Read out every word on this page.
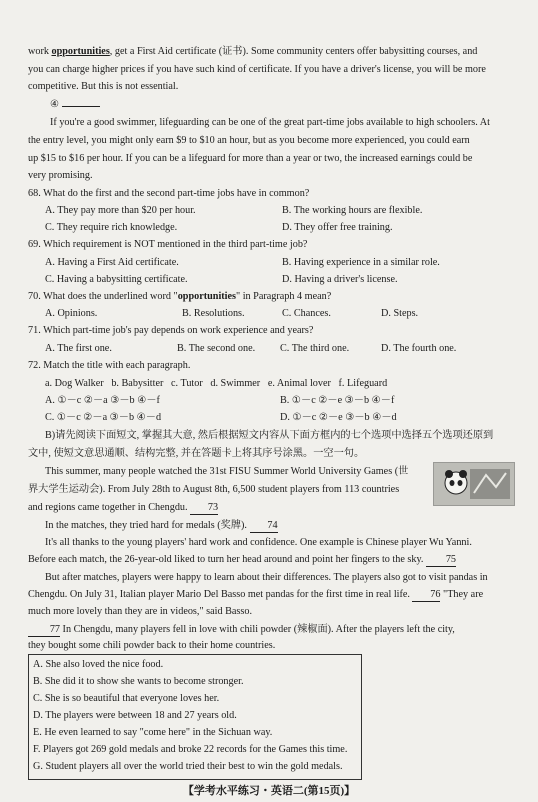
work opportunities, get a First Aid certificate (证书). Some community centers offer babysitting courses, and
you can charge higher prices if you have such kind of certificate. If you have a driver's license, you will be more
competitive. But this is not essential.
④
If you're a good swimmer, lifeguarding can be one of the great part-time jobs available to high schoolers. At
the entry level, you might only earn $9 to $10 an hour, but as you become more experienced, you could earn
up $15 to $16 per hour. If you can be a lifeguard for more than a year or two, the increased earnings could be
very promising.
68. What do the first and the second part-time jobs have in common?
A. They pay more than $20 per hour.	B. The working hours are flexible.
C. They require rich knowledge.	D. They offer free training.
69. Which requirement is NOT mentioned in the third part-time job?
A. Having a First Aid certificate.	B. Having experience in a similar role.
C. Having a babysitting certificate.	D. Having a driver's license.
70. What does the underlined word "opportunities" in Paragraph 4 mean?
A. Opinions.	B. Resolutions.	C. Chances.	D. Steps.
71. Which part-time job's pay depends on work experience and years?
A. The first one.	B. The second one. C. The third one.	D. The fourth one.
72. Match the title with each paragraph.
a. Dog Walker   b. Babysitter   c. Tutor   d. Swimmer   e. Animal lover   f. Lifeguard
A. ①－c ②－a ③－b ④－f	B. ①－c ②－e ③－b ④－f
C. ①－c ②－a ③－b ④－d	D. ①－c ②－e ③－b ④－d
B)请先阅读下面短文, 掌握其大意, 然后根据短文内容从下面方框内的七个选项中选择五个选项还原到
文中, 使短文意思通顺、结构完整, 并在答题卡上将其序号涂黑。一空一句。
This summer, many people watched the 31st FISU Summer World University Games (世
界大学生运动会). From July 28th to August 8th, 6,500 student players from 113 countries
and regions came together in Chengdu. 73
In the matches, they tried hard for medals (奖牌). 74
It's all thanks to the young players' hard work and confidence. One example is Chinese player Wu Yanni.
Before each match, the 26-year-old liked to turn her head around and point her fingers to the sky. 75
But after matches, players were happy to learn about their differences. The players also got to visit pandas in
Chengdu. On July 31, Italian player Mario Del Basso met pandas for the first time in real life. 76 "They are
much more lovely than they are in videos," said Basso.
77 In Chengdu, many players fell in love with chili powder (辣椒面). After the players left the city,
they bought some chili powder back to their home countries.
A. She also loved the nice food.
B. She did it to show she wants to become stronger.
C. She is so beautiful that everyone loves her.
D. The players were between 18 and 27 years old.
E. He even learned to say "come here" in the Sichuan way.
F. Players got 269 gold medals and broke 22 records for the Games this time.
G. Student players all over the world tried their best to win the gold medals.
【学考水平练习・英语二(第15页)】
